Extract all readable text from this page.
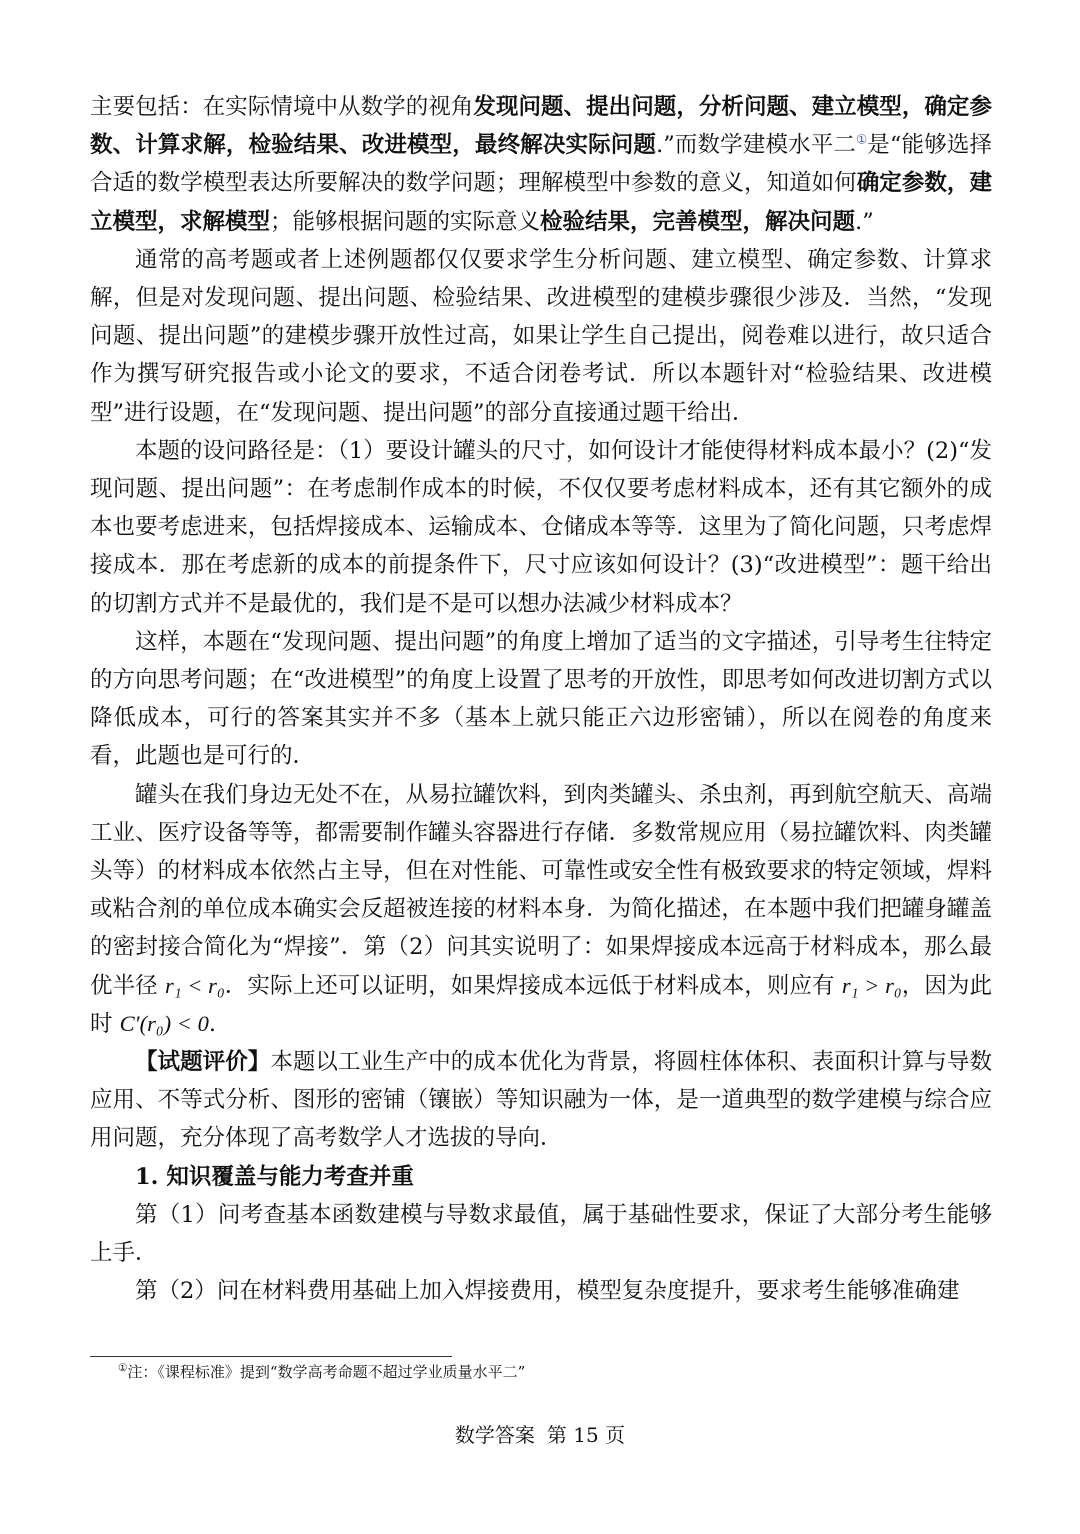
主要包括：在实际情境中从数学的视角发现问题、提出问题，分析问题、建立模型，确定参数、计算求解，检验结果、改进模型，最终解决实际问题.”而数学建模水平二①是“能够选择合适的数学模型表达所要解决的数学问题；理解模型中参数的意义，知道如何确定参数，建立模型，求解模型；能够根据问题的实际意义检验结果，完善模型，解决问题.”

通常的高考题或者上述例题都仅仅要求学生分析问题、建立模型、确定参数、计算求解，但是对发现问题、提出问题、检验结果、改进模型的建模步骤很少涉及．当然，“发现问题、提出问题”的建模步骤开放性过高，如果让学生自己提出，阅卷难以进行，故只适合作为撰写研究报告或小论文的要求，不适合闭卷考试．所以本题针对“检验结果、改进模型”进行设题，在“发现问题、提出问题”的部分直接通过题干给出．

本题的设问路径是：（1）要设计罐头的尺寸，如何设计才能使得材料成本最小？(2)“发现问题、提出问题”：在考虑制作成本的时候，不仅仅要考虑材料成本，还有其它额外的成本也要考虑进来，包括焊接成本、运输成本、仓储成本等等．这里为了简化问题，只考虑焊接成本．那在考虑新的成本的前提条件下，尺寸应该如何设计？(3)“改进模型”：题干给出的切割方式并不是最优的，我们是不是可以想办法减少材料成本？

这样，本题在“发现问题、提出问题”的角度上增加了适当的文字描述，引导考生往特定的方向思考问题；在“改进模型”的角度上设置了思考的开放性，即思考如何改进切割方式以降低成本，可行的答案其实并不多（基本上就只能正六边形密铺），所以在阅卷的角度来看，此题也是可行的．

罐头在我们身边无处不在，从易拉罐饮料，到肉类罐头、杀虫剂，再到航空航天、高端工业、医疗设备等等，都需要制作罐头容器进行存储．多数常规应用（易拉罐饮料、肉类罐头等）的材料成本依然占主导，但在对性能、可靠性或安全性有极致要求的特定领域，焊料或粘合剂的单位成本确实会反超被连接的材料本身．为简化描述，在本题中我们把罐身罐盖的密封接合简化为“焊接”．第（2）问其实说明了：如果焊接成本远高于材料成本，那么最优半径 r₁ < r₀．实际上还可以证明，如果焊接成本远低于材料成本，则应有 r₁ > r₀，因为此时 C′(r₀) < 0.

【试题评价】本题以工业生产中的成本优化为背景，将圆柱体体积、表面积计算与导数应用、不等式分析、图形的密铺（镶嵌）等知识融为一体，是一道典型的数学建模与综合应用问题，充分体现了高考数学人才选拔的导向．

1. 知识覆盖与能力考查并重

第（1）问考查基本函数建模与导数求最值，属于基础性要求，保证了大部分考生能够上手．

第（2）问在材料费用基础上加入焊接费用，模型复杂度提升，要求考生能够准确建

①注：《课程标准》提到“数学高考命题不超过学业质量水平二”
数学答案 第 15 页
